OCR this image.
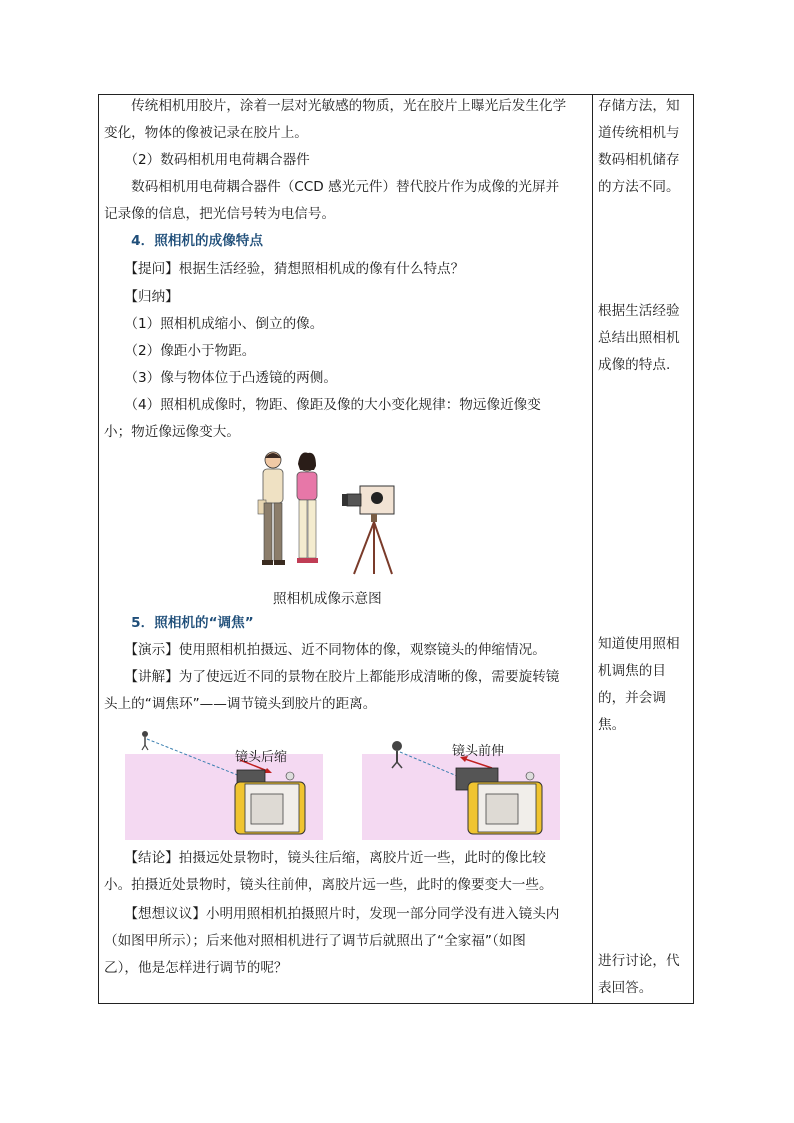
　　传统相机用胶片，涂着一层对光敏感的物质，光在胶片上曝光后发生化学
变化，物体的像被记录在胶片上。
　　（2）数码相机用电荷耦合器件
　　数码相机用电荷耦合器件（CCD 感光元件）替代胶片作为成像的光屏并
记录像的信息，把光信号转为电信号。
　　4．照相机的成像特点
　　【提问】根据生活经验，猜想照相机成的像有什么特点？
　　【归纳】
　　（1）照相机成缩小、倒立的像。
　　（2）像距小于物距。
　　（3）像与物体位于凸透镜的两侧。
　　（4）照相机成像时，物距、像距及像的大小变化规律：物远像近像变
小；物近像远像变大。
　　5．照相机的“调焦”
　　【演示】使用照相机拍摄远、近不同物体的像，观察镜头的伸缩情况。
　　【讲解】为了使远近不同的景物在胶片上都能形成清晰的像，需要旋转镜
头上的“调焦环”——调节镜头到胶片的距离。
　　【结论】拍摄远处景物时，镜头往后缩，离胶片近一些，此时的像比较
小。拍摄近处景物时，镜头往前伸，离胶片远一些，此时的像要变大一些。
　　【想想议议】小明用照相机拍摄照片时，发现一部分同学没有进入镜头内
（如图甲所示）；后来他对照相机进行了调节后就照出了“全家福”（如图
乙），他是怎样进行调节的呢？
存储方法，知
道传统相机与
数码相机储存
的方法不同。
根据生活经验
总结出照相机
成像的特点.
知道使用照相
机调焦的目
的，并会调
焦。
进行讨论，代
表回答。
照相机成像示意图
镜头后缩	镜头前伸
